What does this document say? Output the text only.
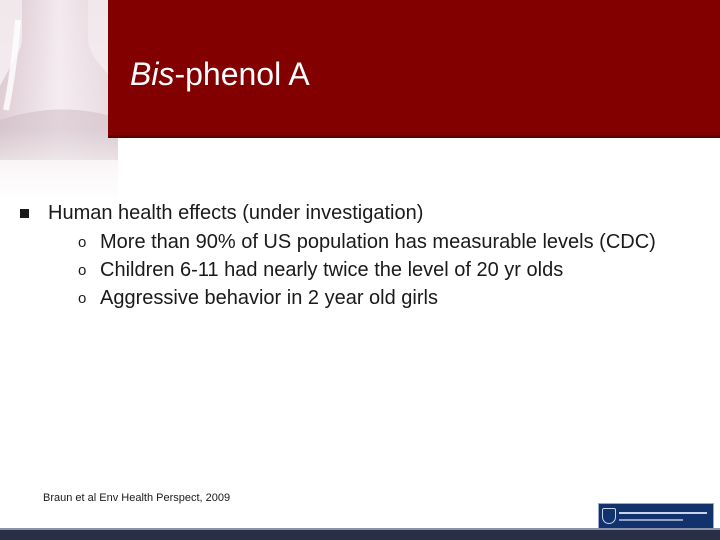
Bis-phenol A
Human health effects (under investigation)
o More than 90% of US population has measurable levels (CDC)
o Children 6-11 had nearly twice the level of 20 yr olds
o Aggressive behavior in 2 year old girls
Braun et al Env Health Perspect, 2009
